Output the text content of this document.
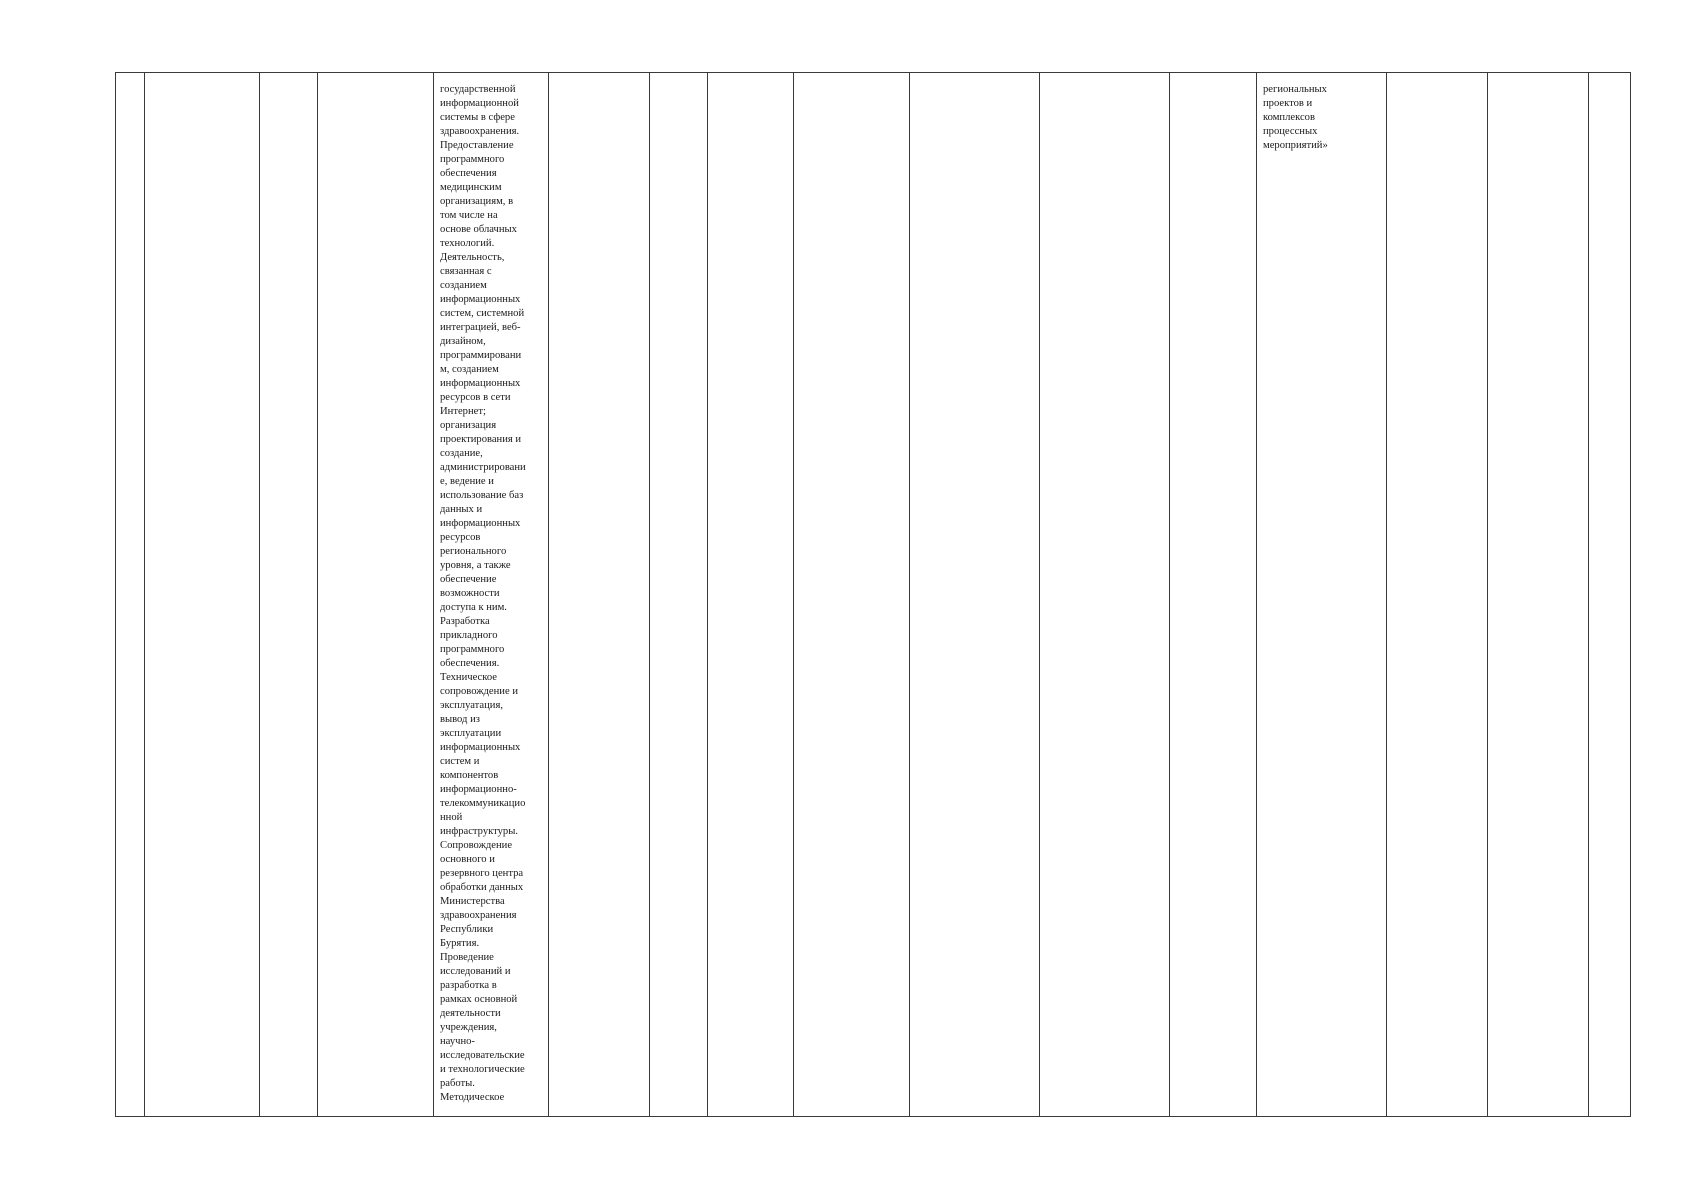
государственной
информационной
системы в сфере
здравоохранения.
Предоставление
программного
обеспечения
медицинским
организациям, в
том числе на
основе облачных
технологий.
Деятельность,
связанная с
созданием
информационных
систем, системной
интеграцией, веб-
дизайном,
программировани
м, созданием
информационных
ресурсов в сети
Интернет;
организация
проектирования и
создание,
администрировани
е, ведение и
использование баз
данных и
информационных
ресурсов
регионального
уровня, а также
обеспечение
возможности
доступа к ним.
Разработка
прикладного
программного
обеспечения.
Техническое
сопровождение и
эксплуатация,
вывод из
эксплуатации
информационных
систем и
компонентов
информационно-
телекоммуникацио
нной
инфраструктуры.
Сопровождение
основного и
резервного центра
обработки данных
Министерства
здравоохранения
Республики
Бурятия.
Проведение
исследований и
разработка в
рамках основной
деятельности
учреждения,
научно-
исследовательские
и технологические
работы.
Методическое

региональных
проектов и
комплексов
процессных
мероприятий»
